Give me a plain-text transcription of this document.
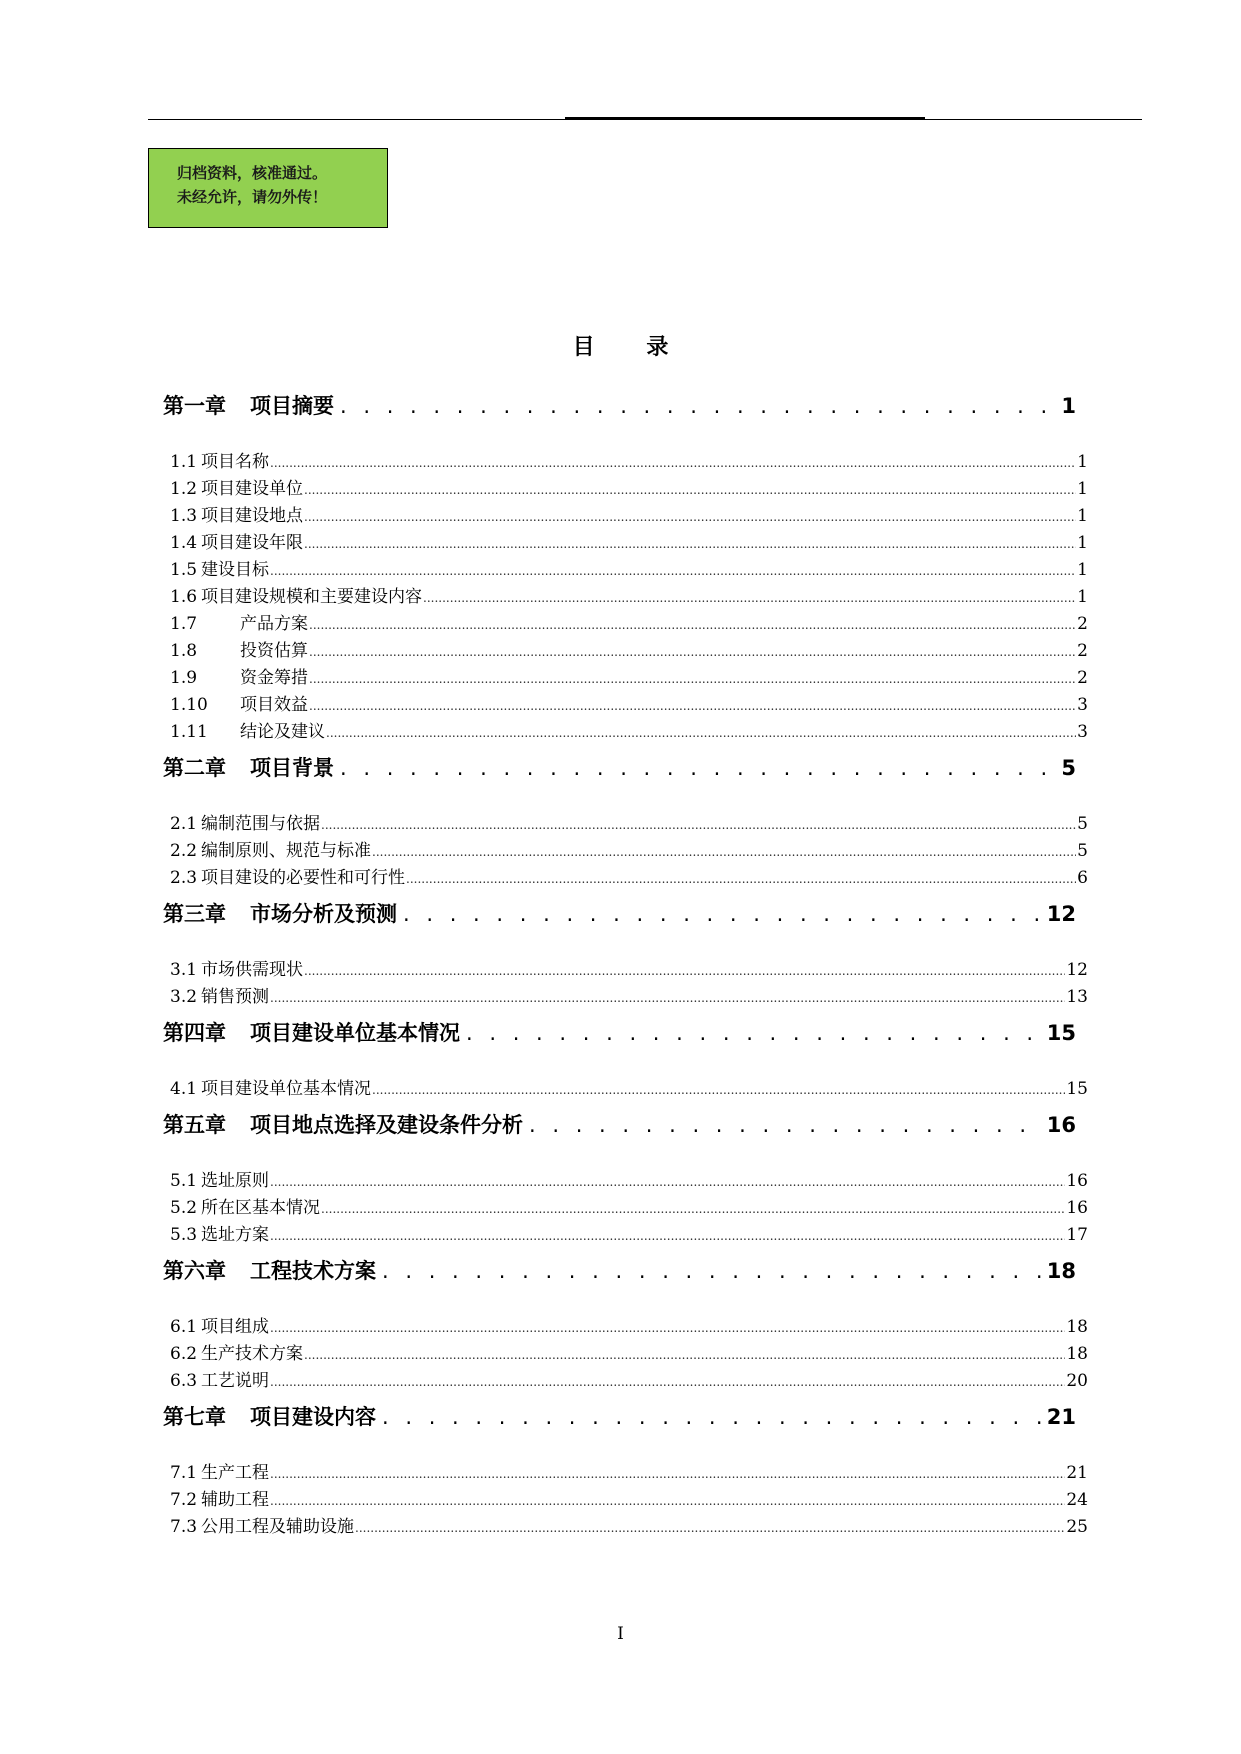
归档资料，核准通过。
未经允许，请勿外传！
目 录
第一章 项目摘要 . . .	1
1.1 项目名称 .....	1
1.2 项目建设单位 .....	1
1.3 项目建设地点 .....	1
1.4 项目建设年限 .....	1
1.5 建设目标 .....	1
1.6 项目建设规模和主要建设内容 .....	1
1.7	产品方案 .....	2
1.8	投资估算 .....	2
1.9	资金筹措 .....	2
1.10	项目效益 .....	3
1.11	结论及建议 .....	3
第二章 项目背景 . . .	5
2.1 编制范围与依据 .....	5
2.2 编制原则、规范与标准 .....	5
2.3 项目建设的必要性和可行性 .....	6
第三章 市场分析及预测 . . .	12
3.1 市场供需现状 .....	12
3.2 销售预测 .....	13
第四章 项目建设单位基本情况 . . .	15
4.1 项目建设单位基本情况 .....	15
第五章 项目地点选择及建设条件分析 . . .	16
5.1 选址原则 .....	16
5.2 所在区基本情况 .....	16
5.3 选址方案 .....	17
第六章 工程技术方案 . . .	18
6.1 项目组成 .....	18
6.2 生产技术方案 .....	18
6.3 工艺说明 .....	20
第七章 项目建设内容 . . .	21
7.1 生产工程 .....	21
7.2 辅助工程 .....	24
7.3 公用工程及辅助设施 .....	25
I
